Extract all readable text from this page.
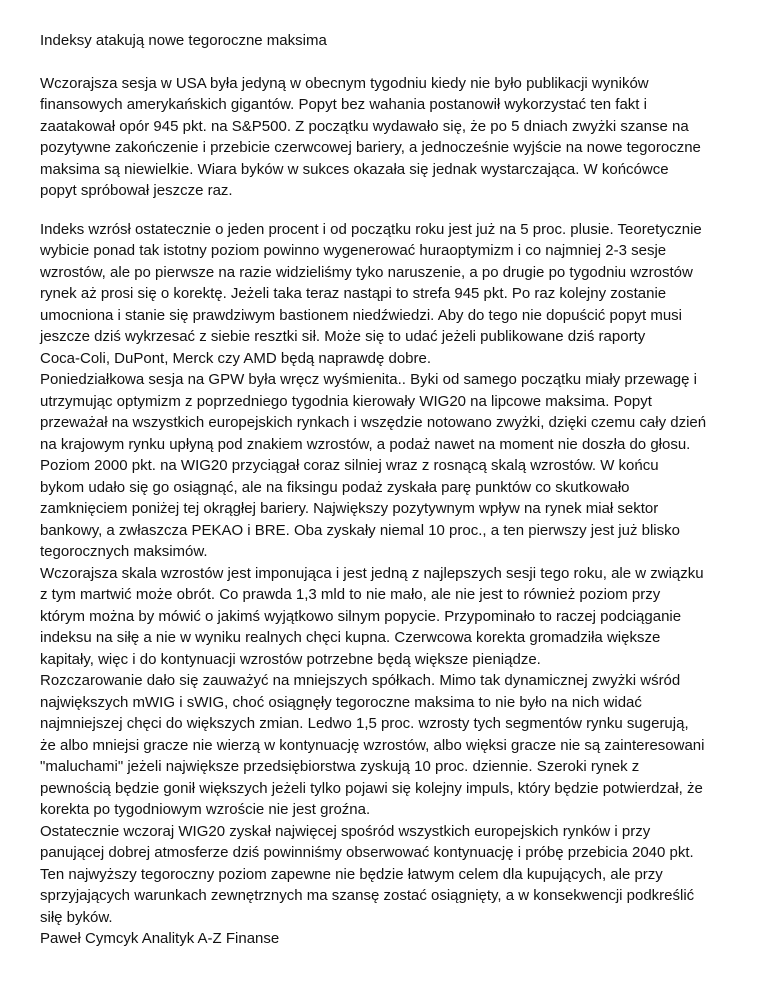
Indeksy atakują nowe tegoroczne maksima

Wczorajsza sesja w USA była jedyną w obecnym tygodniu kiedy nie było publikacji wyników
finansowych amerykańskich gigantów. Popyt bez wahania postanowił wykorzystać ten fakt i
zaatakował opór 945 pkt. na S&P500. Z początku wydawało się, że po 5 dniach zwyżki szanse na
pozytywne zakończenie i przebicie czerwcowej bariery, a jednocześnie wyjście na nowe tegoroczne
maksima są niewielkie. Wiara byków w sukces okazała się jednak wystarczająca. W końcówce
popyt spróbował jeszcze raz.

Indeks wzrósł ostatecznie o jeden procent i od początku roku jest już na 5 proc. plusie. Teoretycznie
wybicie ponad tak istotny poziom powinno wygenerować huraoptymizm i co najmniej 2-3 sesje
wzrostów, ale po pierwsze na razie widzieliśmy tyko naruszenie, a po drugie po tygodniu wzrostów
rynek aż prosi się o korektę. Jeżeli taka teraz nastąpi to strefa 945 pkt. Po raz kolejny zostanie
umocniona i stanie się prawdziwym bastionem niedźwiedzi. Aby do tego nie dopuścić popyt musi
jeszcze dziś wykrzesać z siebie resztki sił. Może się to udać jeżeli publikowane dziś raporty
Coca-Coli, DuPont, Merck czy AMD będą naprawdę dobre.

Poniedziałkowa sesja na GPW była wręcz wyśmienita.. Byki od samego początku miały przewagę i
utrzymując optymizm z poprzedniego tygodnia kierowały WIG20 na lipcowe maksima. Popyt
przeważał na wszystkich europejskich rynkach i wszędzie notowano zwyżki, dzięki czemu cały dzień
na krajowym rynku upłyną pod znakiem wzrostów, a podaż nawet na moment nie doszła do głosu.
Poziom 2000 pkt. na WIG20 przyciągał coraz silniej wraz z rosnącą skalą wzrostów. W końcu
bykom udało się go osiągnąć, ale na fiksingu podaż zyskała parę punktów co skutkowało
zamknięciem poniżej tej okrągłej bariery. Największy pozytywnym wpływ na rynek miał sektor
bankowy, a zwłaszcza PEKAO i BRE. Oba zyskały niemal 10 proc., a ten pierwszy jest już blisko
tegorocznych maksimów.

Wczorajsza skala wzrostów jest imponująca i jest jedną z najlepszych sesji tego roku, ale w związku
z tym martwić może obrót. Co prawda 1,3 mld to nie mało, ale nie jest to również poziom przy
którym można by mówić o jakimś wyjątkowo silnym popycie. Przypominało to raczej podciąganie
indeksu na siłę a nie w wyniku realnych chęci kupna. Czerwcowa korekta gromadziła większe
kapitały, więc i do kontynuacji wzrostów potrzebne będą większe pieniądze.

Rozczarowanie dało się zauważyć na mniejszych spółkach. Mimo tak dynamicznej zwyżki wśród
największych mWIG i sWIG, choć osiągnęły tegoroczne maksima to nie było na nich widać
najmniejszej chęci do większych zmian. Ledwo 1,5 proc. wzrosty tych segmentów rynku sugerują,
że albo mniejsi gracze nie wierzą w kontynuację wzrostów, albo więksi gracze nie są zainteresowani
"maluchami" jeżeli największe przedsiębiorstwa zyskują 10 proc. dziennie. Szeroki rynek z
pewnością będzie gonił większych jeżeli tylko pojawi się kolejny impuls, który będzie potwierdzał, że
korekta po tygodniowym wzroście nie jest groźna.

Ostatecznie wczoraj WIG20 zyskał najwięcej spośród wszystkich europejskich rynków i przy
panującej dobrej atmosferze dziś powinniśmy obserwować kontynuację i próbę przebicia 2040 pkt.
Ten najwyższy tegoroczny poziom zapewne nie będzie łatwym celem dla kupujących, ale przy
sprzyjających warunkach zewnętrznych ma szansę zostać osiągnięty, a w konsekwencji podkreślić
siłę byków.

Paweł Cymcyk Analityk A-Z Finanse
